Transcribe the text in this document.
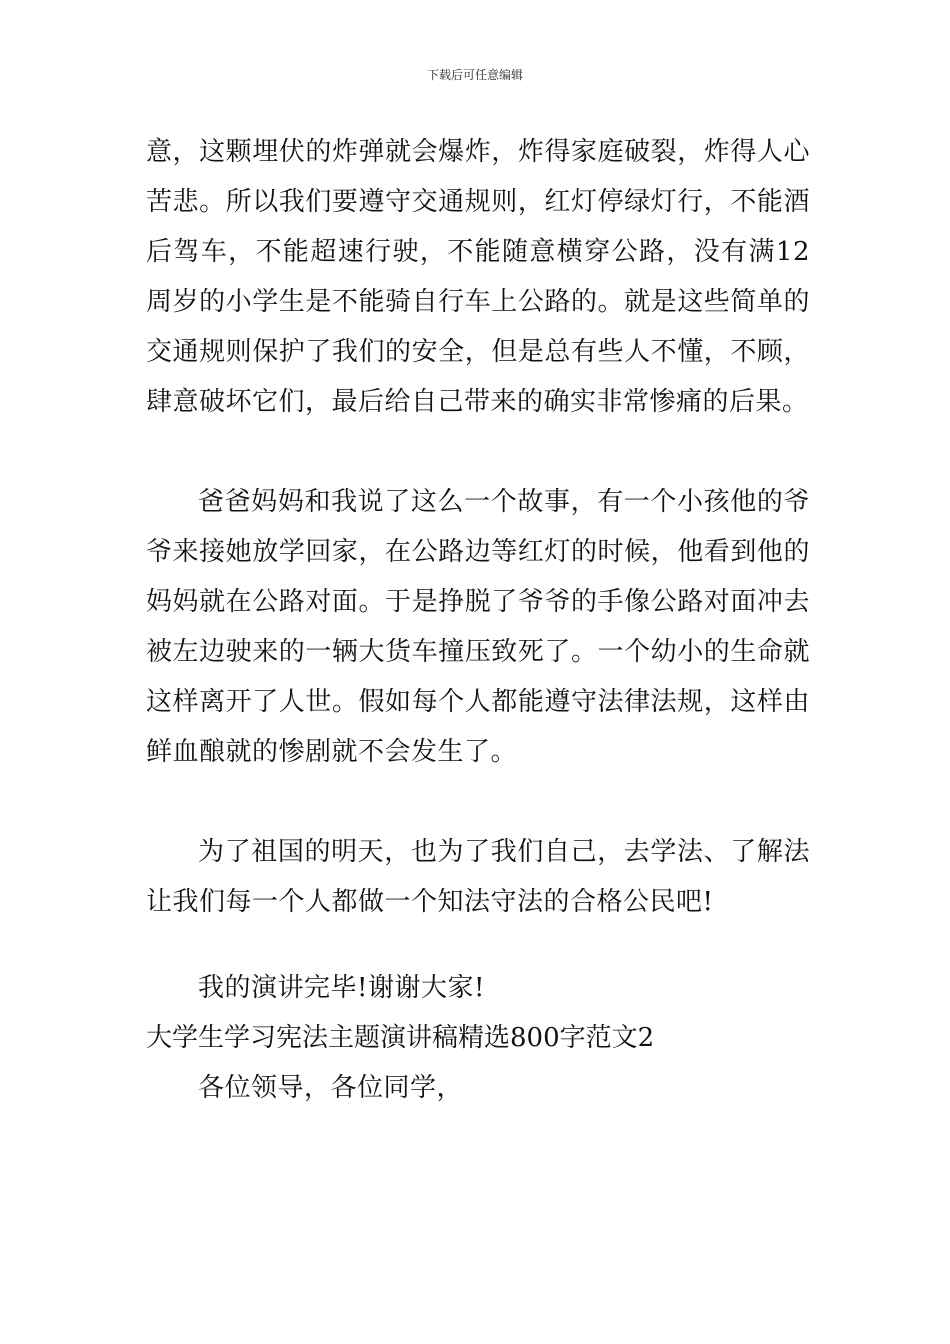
下载后可任意编辑

意，这颗埋伏的炸弹就会爆炸，炸得家庭破裂，炸得人心苦悲。所以我们要遵守交通规则，红灯停绿灯行，不能酒后驾车，不能超速行驶，不能随意横穿公路，没有满12周岁的小学生是不能骑自行车上公路的。就是这些简单的交通规则保护了我们的安全，但是总有些人不懂，不顾，肆意破坏它们，最后给自己带来的确实非常惨痛的后果。

爸爸妈妈和我说了这么一个故事，有一个小孩他的爷爷来接她放学回家，在公路边等红灯的时候，他看到他的妈妈就在公路对面。于是挣脱了爷爷的手像公路对面冲去被左边驶来的一辆大货车撞压致死了。一个幼小的生命就这样离开了人世。假如每个人都能遵守法律法规，这样由鲜血酿就的惨剧就不会发生了。

为了祖国的明天，也为了我们自己，去学法、了解法让我们每一个人都做一个知法守法的合格公民吧!

我的演讲完毕!谢谢大家!

大学生学习宪法主题演讲稿精选800字范文2

各位领导，各位同学，
